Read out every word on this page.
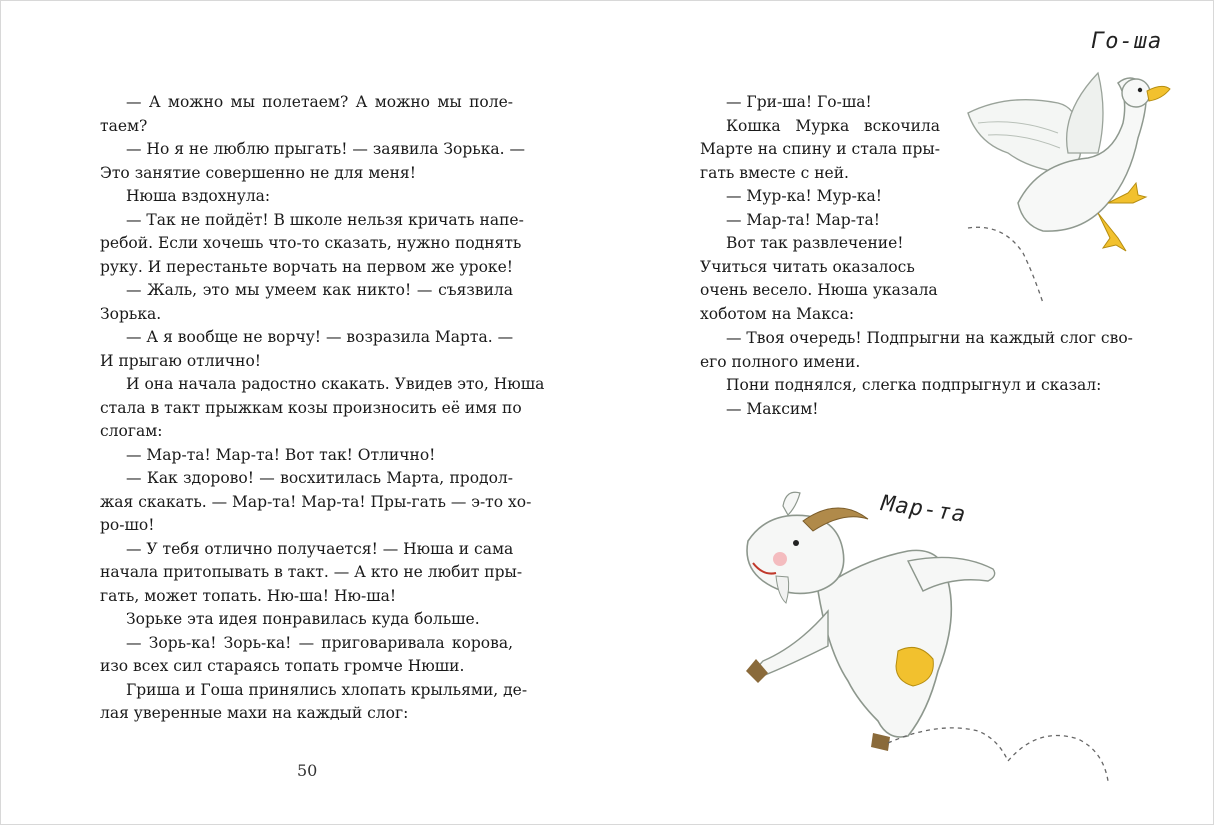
— А можно мы полетаем? А можно мы поле-
таем?
— Но я не люблю прыгать! — заявила Зорька. —
Это занятие совершенно не для меня!
Нюша вздохнула:
— Так не пойдёт! В школе нельзя кричать напе-
ребой. Если хочешь что-то сказать, нужно поднять
руку. И перестаньте ворчать на первом же уроке!
— Жаль, это мы умеем как никто! — съязвила
Зорька.
— А я вообще не ворчу! — возразила Марта. —
И прыгаю отлично!
И она начала радостно скакать. Увидев это, Нюша
стала в такт прыжкам козы произносить её имя по
слогам:
— Мар-та! Мар-та! Вот так! Отлично!
— Как здорово! — восхитилась Марта, продол-
жая скакать. — Мар-та! Мар-та! Пры-гать — э-то хо-
ро-шо!
— У тебя отлично получается! — Нюша и сама
начала притопывать в такт. — А кто не любит пры-
гать, может топать. Ню-ша! Ню-ша!
Зорьке эта идея понравилась куда больше.
— Зорь-ка! Зорь-ка! — приговаривала корова,
изо всех сил стараясь топать громче Нюши.
Гриша и Гоша принялись хлопать крыльями, де-
лая уверенные махи на каждый слог:
50
— Гри-ша! Го-ша!
Кошка Мурка вскочила
Марте на спину и стала пры-
гать вместе с ней.
— Мур-ка! Мур-ка!
— Мар-та! Мар-та!
Вот так развлечение!
Учиться читать оказалось
очень весело. Нюша указала
хоботом на Макса:
— Твоя очередь! Подпрыгни на каждый слог сво-
его полного имени.
Пони поднялся, слегка подпрыгнул и сказал:
— Максим!
Го-ша
Мар-та
